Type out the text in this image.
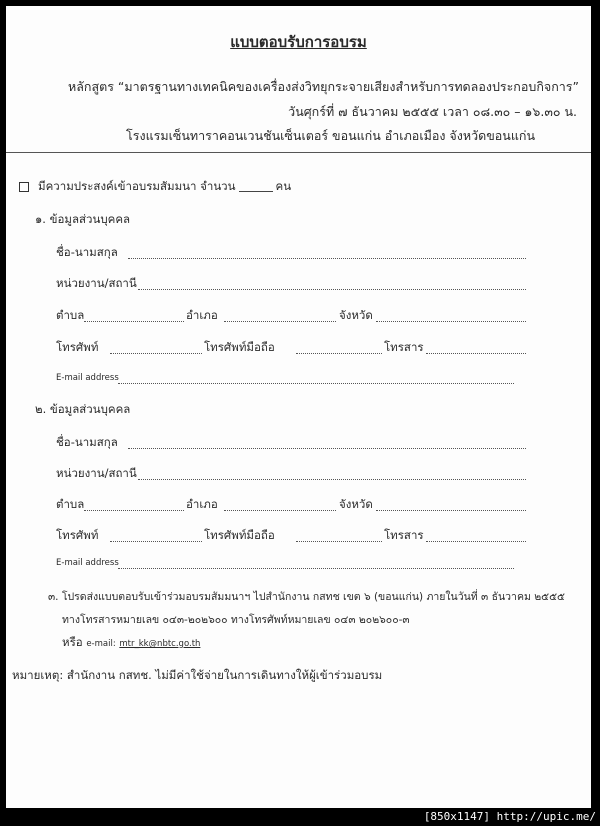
แบบตอบรับการอบรม
หลักสูตร “มาตรฐานทางเทคนิคของเครื่องส่งวิทยุกระจายเสียงสำหรับการทดลองประกอบกิจการ”
วันศุกร์ที่ ๗ ธันวาคม ๒๕๕๕ เวลา ๐๘.๓๐ – ๑๖.๓๐ น.
โรงแรมเซ็นทาราคอนเวนชันเซ็นเตอร์ ขอนแก่น อำเภอเมือง จังหวัดขอนแก่น
มีความประสงค์เข้าอบรมสัมมนา จำนวน	คน
๑. ข้อมูลส่วนบุคคล
ชื่อ-นามสกุล
หน่วยงาน/สถานี
ตำบล	อำเภอ	จังหวัด
โทรศัพท์	โทรศัพท์มือถือ	โทรสาร
E-mail address
๒. ข้อมูลส่วนบุคคล
ชื่อ-นามสกุล
หน่วยงาน/สถานี
ตำบล	อำเภอ	จังหวัด
โทรศัพท์	โทรศัพท์มือถือ	โทรสาร
E-mail address
๓. โปรดส่งแบบตอบรับเข้าร่วมอบรมสัมมนาฯ ไปสำนักงาน กสทช เขต ๖ (ขอนแก่น) ภายในวันที่ ๓ ธันวาคม ๒๕๕๕
ทางโทรสารหมายเลข ๐๔๓-๒๐๒๖๐๐ ทางโทรศัพท์หมายเลข ๐๔๓ ๒๐๒๖๐๐-๓
หรือ e-mail: mtr_kk@nbtc.go.th
หมายเหตุ: สำนักงาน กสทช. ไม่มีค่าใช้จ่ายในการเดินทางให้ผู้เข้าร่วมอบรม
[850x1147] http://upic.me/
